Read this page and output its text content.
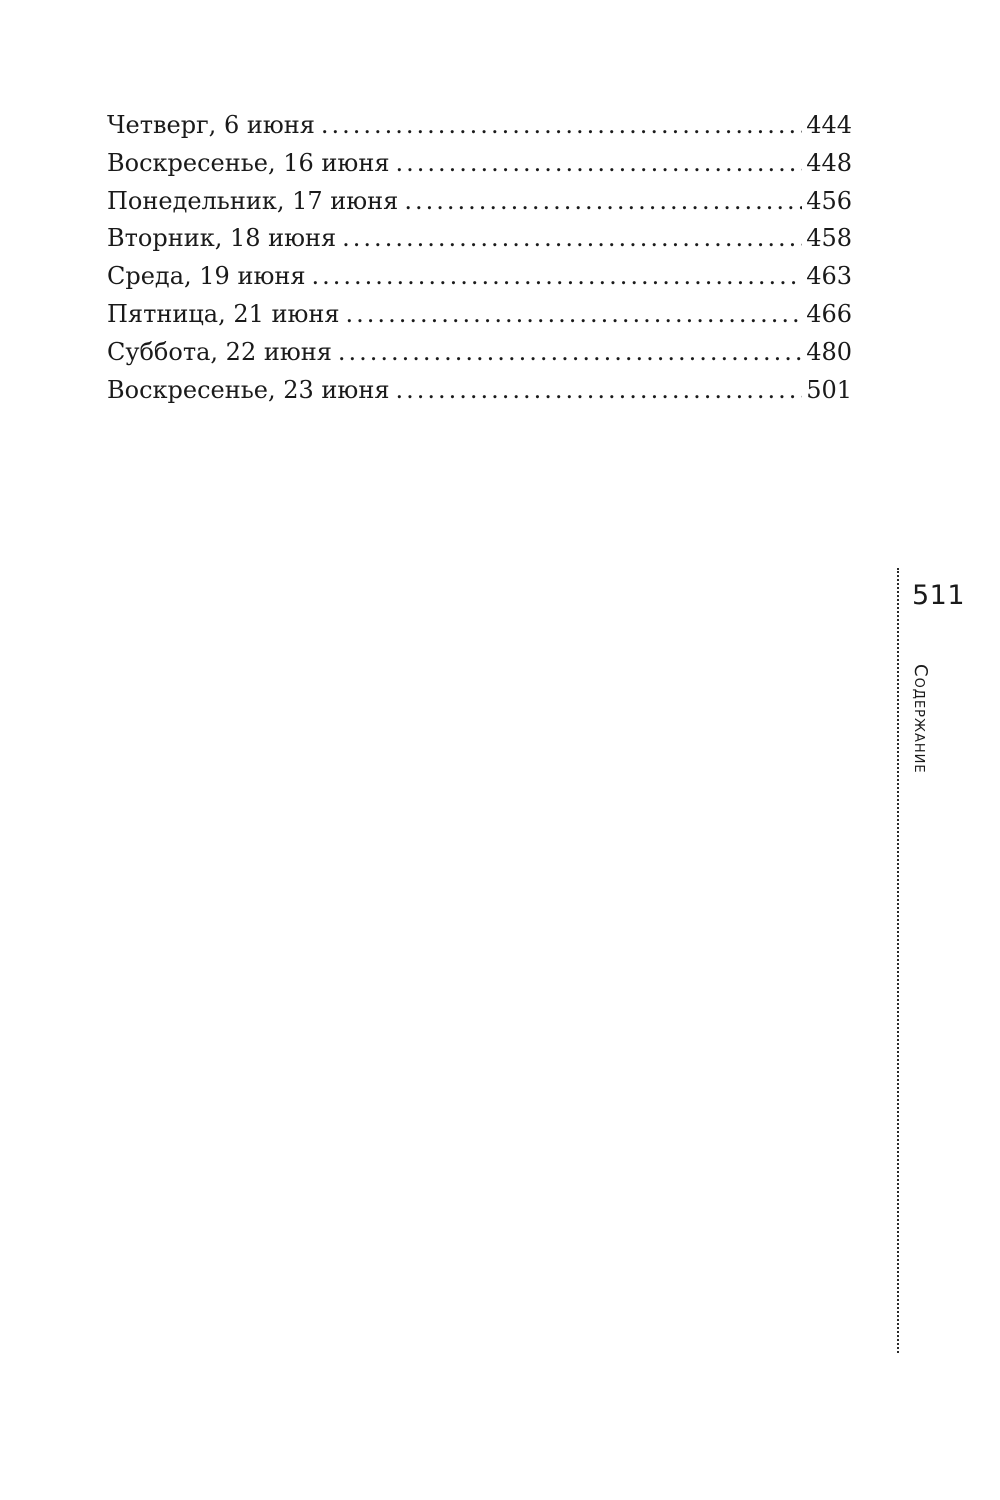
Четверг, 6 июня .....	444
Воскресенье, 16 июня .....	448
Понедельник, 17 июня .....	456
Вторник, 18 июня .....	458
Среда, 19 июня .....	463
Пятница, 21 июня .....	466
Суббота, 22 июня .....	480
Воскресенье, 23 июня .....	501
511
Содержание
